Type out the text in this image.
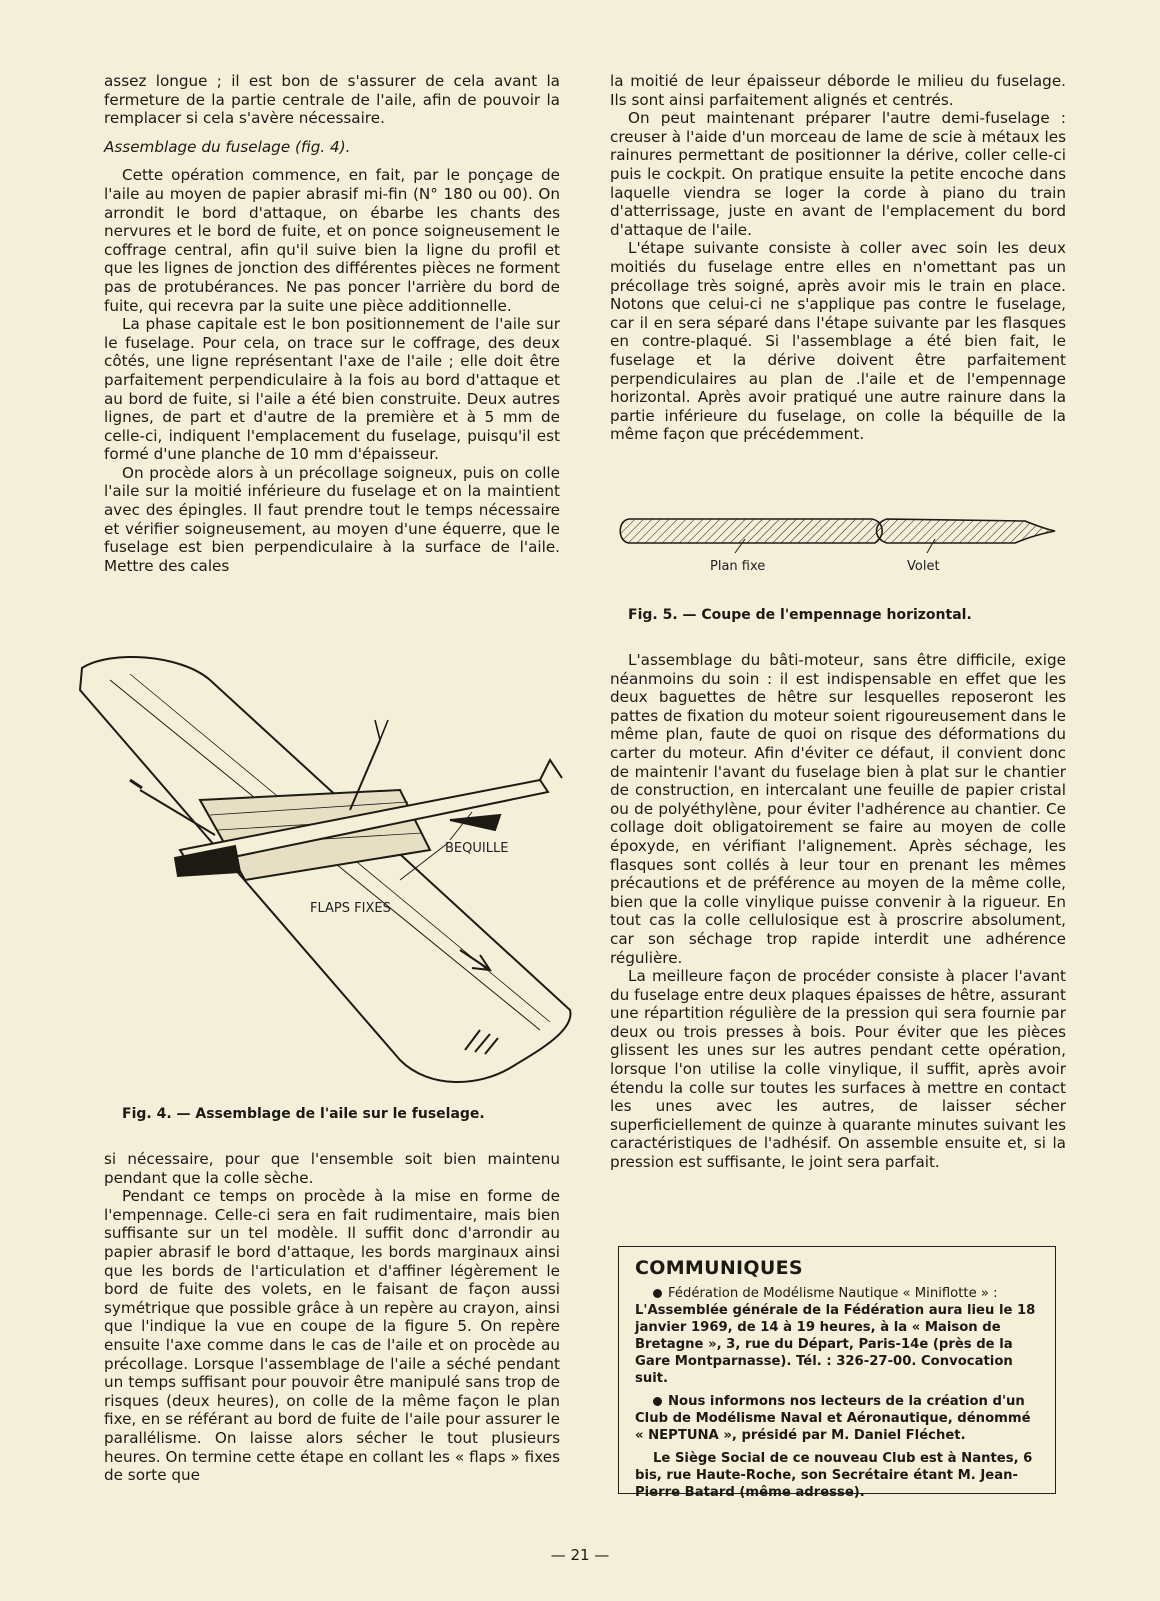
assez longue ; il est bon de s'assurer de cela avant la fermeture de la partie centrale de l'aile, afin de pouvoir la remplacer si cela s'avère nécessaire.

Assemblage du fuselage (fig. 4).

Cette opération commence, en fait, par le ponçage de l'aile au moyen de papier abrasif mi-fin (N° 180 ou 00). On arrondit le bord d'attaque, on ébarbe les chants des nervures et le bord de fuite, et on ponce soigneusement le coffrage central, afin qu'il suive bien la ligne du profil et que les lignes de jonction des différentes pièces ne forment pas de protubérances. Ne pas poncer l'arrière du bord de fuite, qui recevra par la suite une pièce additionnelle.

La phase capitale est le bon positionnement de l'aile sur le fuselage. Pour cela, on trace sur le coffrage, des deux côtés, une ligne représentant l'axe de l'aile ; elle doit être parfaitement perpendiculaire à la fois au bord d'attaque et au bord de fuite, si l'aile a été bien construite. Deux autres lignes, de part et d'autre de la première et à 5 mm de celle-ci, indiquent l'emplacement du fuselage, puisqu'il est formé d'une planche de 10 mm d'épaisseur.

On procède alors à un précollage soigneux, puis on colle l'aile sur la moitié inférieure du fuselage et on la maintient avec des épingles. Il faut prendre tout le temps nécessaire et vérifier soigneusement, au moyen d'une équerre, que le fuselage est bien perpendiculaire à la surface de l'aile. Mettre des cales

BEQUILLE
FLAPS FIXES
Fig. 4. — Assemblage de l'aile sur le fuselage.

si nécessaire, pour que l'ensemble soit bien maintenu pendant que la colle sèche.

Pendant ce temps on procède à la mise en forme de l'empennage. Celle-ci sera en fait rudimentaire, mais bien suffisante sur un tel modèle. Il suffit donc d'arrondir au papier abrasif le bord d'attaque, les bords marginaux ainsi que les bords de l'articulation et d'affiner légèrement le bord de fuite des volets, en le faisant de façon aussi symétrique que possible grâce à un repère au crayon, ainsi que l'indique la vue en coupe de la figure 5. On repère ensuite l'axe comme dans le cas de l'aile et on procède au précollage. Lorsque l'assemblage de l'aile a séché pendant un temps suffisant pour pouvoir être manipulé sans trop de risques (deux heures), on colle de la même façon le plan fixe, en se référant au bord de fuite de l'aile pour assurer le parallélisme. On laisse alors sécher le tout plusieurs heures. On termine cette étape en collant les « flaps » fixes de sorte que

la moitié de leur épaisseur déborde le milieu du fuselage. Ils sont ainsi parfaitement alignés et centrés.

On peut maintenant préparer l'autre demi-fuselage : creuser à l'aide d'un morceau de lame de scie à métaux les rainures permettant de positionner la dérive, coller celle-ci puis le cockpit. On pratique ensuite la petite encoche dans laquelle viendra se loger la corde à piano du train d'atterrissage, juste en avant de l'emplacement du bord d'attaque de l'aile.

L'étape suivante consiste à coller avec soin les deux moitiés du fuselage entre elles en n'omettant pas un précollage très soigné, après avoir mis le train en place. Notons que celui-ci ne s'applique pas contre le fuselage, car il en sera séparé dans l'étape suivante par les flasques en contre-plaqué. Si l'assemblage a été bien fait, le fuselage et la dérive doivent être parfaitement perpendiculaires au plan de .l'aile et de l'empennage horizontal. Après avoir pratiqué une autre rainure dans la partie inférieure du fuselage, on colle la béquille de la même façon que précédemment.

Plan fixe	Volet
Fig. 5. — Coupe de l'empennage horizontal.

L'assemblage du bâti-moteur, sans être difficile, exige néanmoins du soin : il est indispensable en effet que les deux baguettes de hêtre sur lesquelles reposeront les pattes de fixation du moteur soient rigoureusement dans le même plan, faute de quoi on risque des déformations du carter du moteur. Afin d'éviter ce défaut, il convient donc de maintenir l'avant du fuselage bien à plat sur le chantier de construction, en intercalant une feuille de papier cristal ou de polyéthylène, pour éviter l'adhérence au chantier. Ce collage doit obligatoirement se faire au moyen de colle époxyde, en vérifiant l'alignement. Après séchage, les flasques sont collés à leur tour en prenant les mêmes précautions et de préférence au moyen de la même colle, bien que la colle vinylique puisse convenir à la rigueur. En tout cas la colle cellulosique est à proscrire absolument, car son séchage trop rapide interdit une adhérence régulière.

La meilleure façon de procéder consiste à placer l'avant du fuselage entre deux plaques épaisses de hêtre, assurant une répartition régulière de la pression qui sera fournie par deux ou trois presses à bois. Pour éviter que les pièces glissent les unes sur les autres pendant cette opération, lorsque l'on utilise la colle vinylique, il suffit, après avoir étendu la colle sur toutes les surfaces à mettre en contact les unes avec les autres, de laisser sécher superficiellement de quinze à quarante minutes suivant les caractéristiques de l'adhésif. On assemble ensuite et, si la pression est suffisante, le joint sera parfait.

COMMUNIQUES

Fédération de Modélisme Nautique « Miniflotte » : L'Assemblée générale de la Fédération aura lieu le 18 janvier 1969, de 14 à 19 heures, à la « Maison de Bretagne », 3, rue du Départ, Paris-14e (près de la Gare Montparnasse). Tél. : 326-27-00. Convocation suit.

Nous informons nos lecteurs de la création d'un Club de Modélisme Naval et Aéronautique, dénommé « NEPTUNA », présidé par M. Daniel Fléchet.

Le Siège Social de ce nouveau Club est à Nantes, 6 bis, rue Haute-Roche, son Secrétaire étant M. Jean-Pierre Batard (même adresse).

— 21 —
